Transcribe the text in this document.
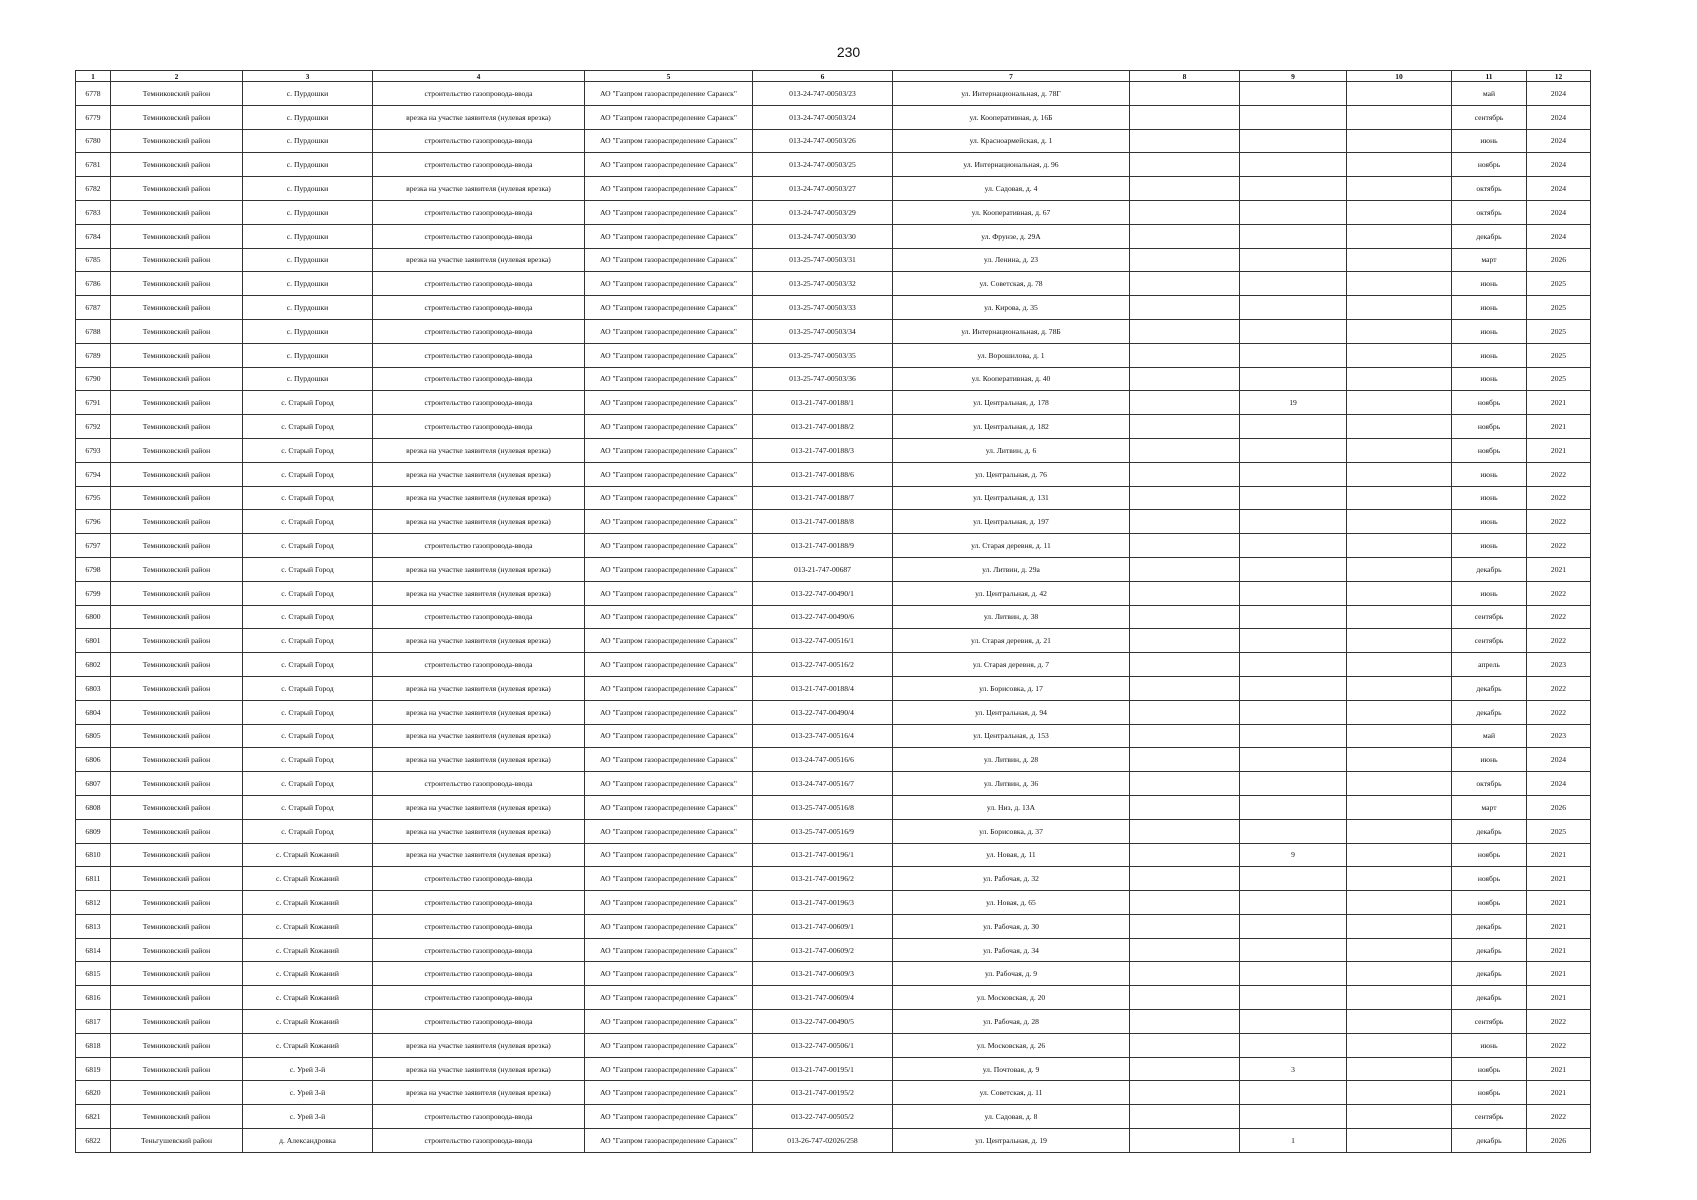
230
1	2	3	4	5	6	7	8	9	10	11	12
6778	Темниковский район	с. Пурдошки	строительство газопровода-ввода	АО "Газпром газораспределение Саранск"	013-24-747-00503/23	ул. Интернациональная, д. 78Г				май	2024
6779	Темниковский район	с. Пурдошки	врезка на участке заявителя (нулевая врезка)	АО "Газпром газораспределение Саранск"	013-24-747-00503/24	ул. Кооперативная, д. 16Б				сентябрь	2024
6780	Темниковский район	с. Пурдошки	строительство газопровода-ввода	АО "Газпром газораспределение Саранск"	013-24-747-00503/26	ул. Красноармейская, д. 1				июнь	2024
6781	Темниковский район	с. Пурдошки	строительство газопровода-ввода	АО "Газпром газораспределение Саранск"	013-24-747-00503/25	ул. Интернациональная, д. 96				ноябрь	2024
6782	Темниковский район	с. Пурдошки	врезка на участке заявителя (нулевая врезка)	АО "Газпром газораспределение Саранск"	013-24-747-00503/27	ул. Садовая, д. 4				октябрь	2024
6783	Темниковский район	с. Пурдошки	строительство газопровода-ввода	АО "Газпром газораспределение Саранск"	013-24-747-00503/29	ул. Кооперативная, д. 67				октябрь	2024
6784	Темниковский район	с. Пурдошки	строительство газопровода-ввода	АО "Газпром газораспределение Саранск"	013-24-747-00503/30	ул. Фрунзе, д. 29А				декабрь	2024
6785	Темниковский район	с. Пурдошки	врезка на участке заявителя (нулевая врезка)	АО "Газпром газораспределение Саранск"	013-25-747-00503/31	ул. Ленина, д. 23				март	2026
6786	Темниковский район	с. Пурдошки	строительство газопровода-ввода	АО "Газпром газораспределение Саранск"	013-25-747-00503/32	ул. Советская, д. 78				июнь	2025
6787	Темниковский район	с. Пурдошки	строительство газопровода-ввода	АО "Газпром газораспределение Саранск"	013-25-747-00503/33	ул. Кирова, д. 35				июнь	2025
6788	Темниковский район	с. Пурдошки	строительство газопровода-ввода	АО "Газпром газораспределение Саранск"	013-25-747-00503/34	ул. Интернациональная, д. 78Б				июнь	2025
6789	Темниковский район	с. Пурдошки	строительство газопровода-ввода	АО "Газпром газораспределение Саранск"	013-25-747-00503/35	ул. Ворошилова, д. 1				июнь	2025
6790	Темниковский район	с. Пурдошки	строительство газопровода-ввода	АО "Газпром газораспределение Саранск"	013-25-747-00503/36	ул. Кооперативная, д. 40				июнь	2025
6791	Темниковский район	с. Старый Город	строительство газопровода-ввода	АО "Газпром газораспределение Саранск"	013-21-747-00188/1	ул. Центральная, д. 178		19		ноябрь	2021
6792	Темниковский район	с. Старый Город	строительство газопровода-ввода	АО "Газпром газораспределение Саранск"	013-21-747-00188/2	ул. Центральная, д. 182				ноябрь	2021
6793	Темниковский район	с. Старый Город	врезка на участке заявителя (нулевая врезка)	АО "Газпром газораспределение Саранск"	013-21-747-00188/3	ул. Литвин, д. 6				ноябрь	2021
6794	Темниковский район	с. Старый Город	врезка на участке заявителя (нулевая врезка)	АО "Газпром газораспределение Саранск"	013-21-747-00188/6	ул. Центральная, д. 76				июнь	2022
6795	Темниковский район	с. Старый Город	врезка на участке заявителя (нулевая врезка)	АО "Газпром газораспределение Саранск"	013-21-747-00188/7	ул. Центральная, д. 131				июнь	2022
6796	Темниковский район	с. Старый Город	врезка на участке заявителя (нулевая врезка)	АО "Газпром газораспределение Саранск"	013-21-747-00188/8	ул. Центральная, д. 197				июнь	2022
6797	Темниковский район	с. Старый Город	строительство газопровода-ввода	АО "Газпром газораспределение Саранск"	013-21-747-00188/9	ул. Старая деревня, д. 11				июнь	2022
6798	Темниковский район	с. Старый Город	врезка на участке заявителя (нулевая врезка)	АО "Газпром газораспределение Саранск"	013-21-747-00687	ул. Литвин, д. 29а				декабрь	2021
6799	Темниковский район	с. Старый Город	врезка на участке заявителя (нулевая врезка)	АО "Газпром газораспределение Саранск"	013-22-747-00490/1	ул. Центральная, д. 42				июнь	2022
6800	Темниковский район	с. Старый Город	строительство газопровода-ввода	АО "Газпром газораспределение Саранск"	013-22-747-00490/6	ул. Литвин, д. 38				сентябрь	2022
6801	Темниковский район	с. Старый Город	врезка на участке заявителя (нулевая врезка)	АО "Газпром газораспределение Саранск"	013-22-747-00516/1	ул. Старая деревня, д. 21				сентябрь	2022
6802	Темниковский район	с. Старый Город	строительство газопровода-ввода	АО "Газпром газораспределение Саранск"	013-22-747-00516/2	ул. Старая деревня, д. 7				апрель	2023
6803	Темниковский район	с. Старый Город	врезка на участке заявителя (нулевая врезка)	АО "Газпром газораспределение Саранск"	013-21-747-00188/4	ул. Борисовка, д. 17				декабрь	2022
6804	Темниковский район	с. Старый Город	врезка на участке заявителя (нулевая врезка)	АО "Газпром газораспределение Саранск"	013-22-747-00490/4	ул. Центральная, д. 94				декабрь	2022
6805	Темниковский район	с. Старый Город	врезка на участке заявителя (нулевая врезка)	АО "Газпром газораспределение Саранск"	013-23-747-00516/4	ул. Центральная, д. 153				май	2023
6806	Темниковский район	с. Старый Город	врезка на участке заявителя (нулевая врезка)	АО "Газпром газораспределение Саранск"	013-24-747-00516/6	ул. Литвин, д. 28				июнь	2024
6807	Темниковский район	с. Старый Город	строительство газопровода-ввода	АО "Газпром газораспределение Саранск"	013-24-747-00516/7	ул. Литвин, д. 36				октябрь	2024
6808	Темниковский район	с. Старый Город	врезка на участке заявителя (нулевая врезка)	АО "Газпром газораспределение Саранск"	013-25-747-00516/8	ул. Низ, д. 13А				март	2026
6809	Темниковский район	с. Старый Город	врезка на участке заявителя (нулевая врезка)	АО "Газпром газораспределение Саранск"	013-25-747-00516/9	ул. Борисовка, д. 37				декабрь	2025
6810	Темниковский район	с. Старый Кожаний	врезка на участке заявителя (нулевая врезка)	АО "Газпром газораспределение Саранск"	013-21-747-00196/1	ул. Новая, д. 11		9		ноябрь	2021
6811	Темниковский район	с. Старый Кожаний	строительство газопровода-ввода	АО "Газпром газораспределение Саранск"	013-21-747-00196/2	ул. Рабочая, д. 32				ноябрь	2021
6812	Темниковский район	с. Старый Кожаний	строительство газопровода-ввода	АО "Газпром газораспределение Саранск"	013-21-747-00196/3	ул. Новая, д. 65				ноябрь	2021
6813	Темниковский район	с. Старый Кожаний	строительство газопровода-ввода	АО "Газпром газораспределение Саранск"	013-21-747-00609/1	ул. Рабочая, д. 30				декабрь	2021
6814	Темниковский район	с. Старый Кожаний	строительство газопровода-ввода	АО "Газпром газораспределение Саранск"	013-21-747-00609/2	ул. Рабочая, д. 34				декабрь	2021
6815	Темниковский район	с. Старый Кожаний	строительство газопровода-ввода	АО "Газпром газораспределение Саранск"	013-21-747-00609/3	ул. Рабочая, д. 9				декабрь	2021
6816	Темниковский район	с. Старый Кожаний	строительство газопровода-ввода	АО "Газпром газораспределение Саранск"	013-21-747-00609/4	ул. Московская, д. 20				декабрь	2021
6817	Темниковский район	с. Старый Кожаний	строительство газопровода-ввода	АО "Газпром газораспределение Саранск"	013-22-747-00490/5	ул. Рабочая, д. 28				сентябрь	2022
6818	Темниковский район	с. Старый Кожаний	врезка на участке заявителя (нулевая врезка)	АО "Газпром газораспределение Саранск"	013-22-747-00506/1	ул. Московская, д. 26				июнь	2022
6819	Темниковский район	с. Урей 3-й	врезка на участке заявителя (нулевая врезка)	АО "Газпром газораспределение Саранск"	013-21-747-00195/1	ул. Почтовая, д. 9		3		ноябрь	2021
6820	Темниковский район	с. Урей 3-й	врезка на участке заявителя (нулевая врезка)	АО "Газпром газораспределение Саранск"	013-21-747-00195/2	ул. Советская, д. 11				ноябрь	2021
6821	Темниковский район	с. Урей 3-й	строительство газопровода-ввода	АО "Газпром газораспределение Саранск"	013-22-747-00505/2	ул. Садовая, д. 8				сентябрь	2022
6822	Теньгушевский район	д. Александровка	строительство газопровода-ввода	АО "Газпром газораспределение Саранск"	013-26-747-02026/258	ул. Центральная, д. 19		1		декабрь	2026
